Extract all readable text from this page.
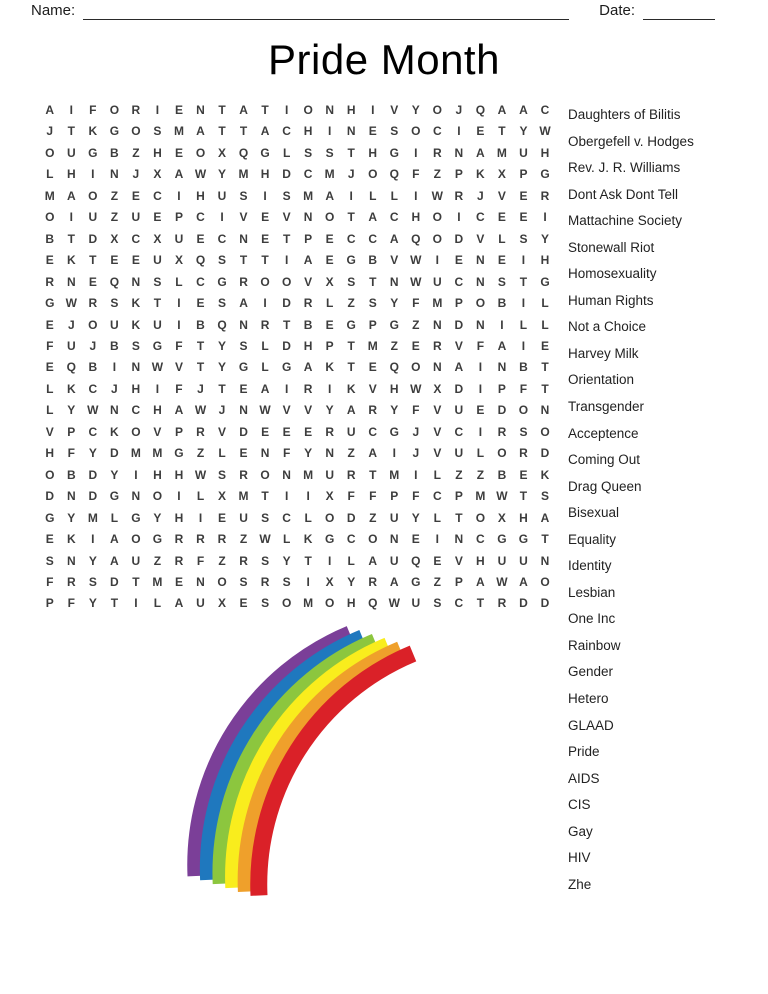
Name:	Date:
Pride Month
A	I	F	O	R	I	E	N	T	A	T	I	O	N	H	I	V	Y	O	J	Q	A	A	C
J	T	K	G	O	S	M	A	T	T	A	C	H	I	N	E	S	O	C	I	E	T	Y W
O	U	G	B	Z	H	E	O	X	Q	G	L	S	S	T	H	G	I	R	N	A	M	U	H
L	H	I	N	J	X	A W Y	M	H	D	C	M	J	O	Q	F	Z	P	K	X	P	G
M	A	O	Z	E	C	I	H	U	S	I	S	M	A	I	L	L	I	W R	J	V	E	R
O	I	U	Z	U	E	P	C	I	V	E	V	N	O	T	A	C	H	O	I	C	E	E	I
B	T	D	X	C	X	U	E	C	N	E	T	P	E	C	C	A	Q	O	D	V	L	S	Y
E	K	T	E	E	U	X	Q	S	T	T	I	A	E	G	B	V W	I	E	N	E	I	H
R	N	E	Q	N	S	L	C	G	R	O	O	V	X	S	T	N W U	C	N	S	T	G
G W R	S	K	T	I	E	S	A	I	D	R	L	Z	S	Y	F	M	P	O	B	I	L
E	J	O	U	K	U	I	B	Q	N	R	T	B	E	G	P	G	Z	N	D	N	I	L	L
F	U	J	B	S	G	F	T	Y	S	L	D	H	P	T	M	Z	E	R	V	F	A	I	E
E	Q	B	I	N W V	T	Y	G	L	G	A	K	T	E	Q	O	N	A	I	N	B	T
L	K	C	J	H	I	F	J	T	E	A	I	R	I	K	V	H W X	D	I	P	F	T
L	Y W N	C	H	A W	J	N W V	V	Y	A	R	Y	F	V	U	E	D	O	N
V	P	C	K	O	V	P	R	V	D	E	E	E	R	U	C	G	J	V	C	I	R	S	O
H	F	Y	D	M M G	Z	L	E	N	F	Y	N	Z	A	I	J	V	U	L	O	R	D
O	B	D	Y	I	H	H W S	R	O	N	M	U	R	T	M	I	L	Z	Z	B	E	K
D	N	D	G	N	O	I	L	X	M	T	I	I	X	F	F	P	F	C	P	M W	T	S
G	Y	M	L	G	Y	H	I	E	U	S	C	L	O	D	Z	U	Y	L	T	O	X	H	A
E	K	I	A	O	G	R	R	R	Z	W	L	K	G	C	O	N	E	I	N	C	G	G	T
S	N	Y	A	U	Z	R	F	Z	R	S	Y	T	I	L	A	U	Q	E	V	H	U	U	N
F	R	S	D	T	M	E	N	O	S	R	S	I	X	Y	R	A	G	Z	P	A W A	O
P	F	Y	T	I	L	A	U	X	E	S	O M O	H	Q W U	S	C	T	R	D	D
Daughters of Bilitis
Obergefell v. Hodges
Rev. J. R. Williams
Dont Ask Dont Tell
Mattachine Society
Stonewall Riot
Homosexuality
Human Rights
Not a Choice
Harvey Milk
Orientation
Transgender
Acceptence
Coming Out
Drag Queen
Bisexual
Equality
Identity
Lesbian
One Inc
Rainbow
Gender
Hetero
GLAAD
Pride
AIDS
CIS
Gay
HIV
Zhe
